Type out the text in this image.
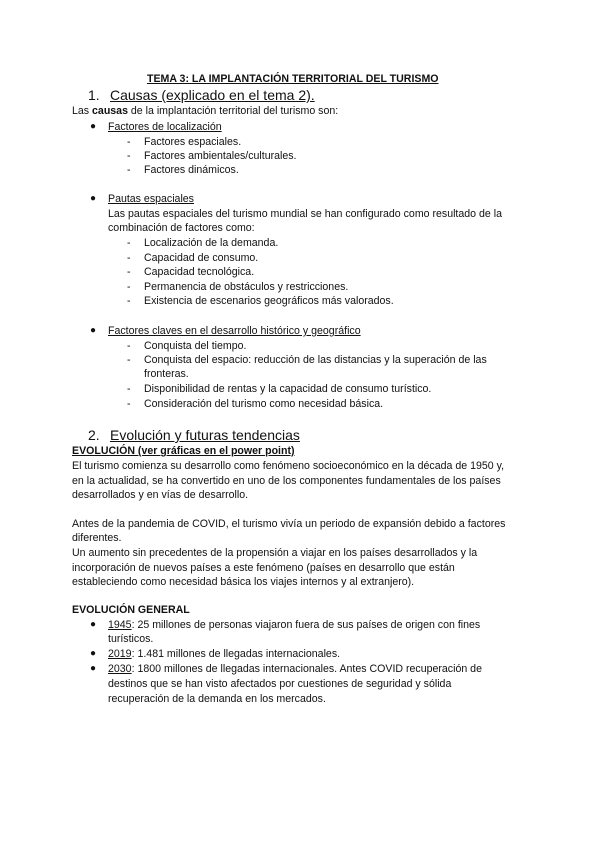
TEMA 3: LA IMPLANTACIÓN TERRITORIAL DEL TURISMO
1. Causas (explicado en el tema 2).
Las causas de la implantación territorial del turismo son:
● Factores de localización
- Factores espaciales.
- Factores ambientales/culturales.
- Factores dinámicos.
● Pautas espaciales
Las pautas espaciales del turismo mundial se han configurado como resultado de la
combinación de factores como:
- Localización de la demanda.
- Capacidad de consumo.
- Capacidad tecnológica.
- Permanencia de obstáculos y restricciones.
- Existencia de escenarios geográficos más valorados.
● Factores claves en el desarrollo histórico y geográfico
- Conquista del tiempo.
- Conquista del espacio: reducción de las distancias y la superación de las
fronteras.
- Disponibilidad de rentas y la capacidad de consumo turístico.
- Consideración del turismo como necesidad básica.
2. Evolución y futuras tendencias
EVOLUCIÓN (ver gráficas en el power point)
El turismo comienza su desarrollo como fenómeno socioeconómico en la década de 1950 y,
en la actualidad, se ha convertido en uno de los componentes fundamentales de los países
desarrollados y en vías de desarrollo.
Antes de la pandemia de COVID, el turismo vivía un periodo de expansión debido a factores
diferentes.
Un aumento sin precedentes de la propensión a viajar en los países desarrollados y la
incorporación de nuevos países a este fenómeno (países en desarrollo que están
estableciendo como necesidad básica los viajes internos y al extranjero).
EVOLUCIÓN GENERAL
● 1945: 25 millones de personas viajaron fuera de sus países de origen con fines
turísticos.
● 2019: 1.481 millones de llegadas internacionales.
● 2030: 1800 millones de llegadas internacionales. Antes COVID recuperación de
destinos que se han visto afectados por cuestiones de seguridad y sólida
recuperación de la demanda en los mercados.
